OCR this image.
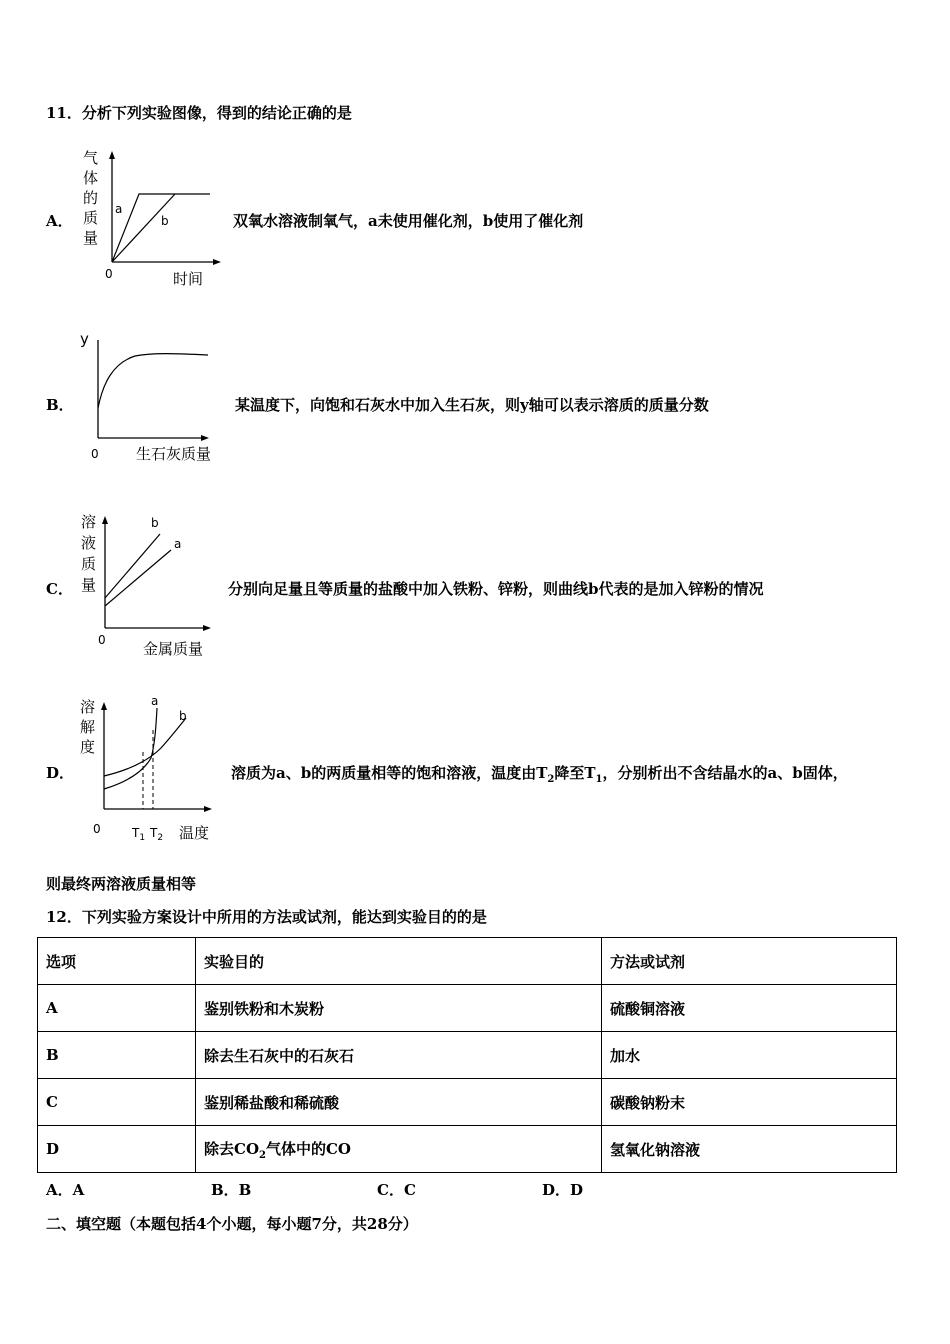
11．分析下列实验图像，得到的结论正确的是
A．
气
体
的
质
量
a
b
0	时间
双氧水溶液制氧气，a未使用催化剂，b使用了催化剂
B．
y
0 生石灰质量
某温度下，向饱和石灰水中加入生石灰，则y轴可以表示溶质的质量分数
C．
溶
液
质
量
b
a
0 金属质量
分别向足量且等质量的盐酸中加入铁粉、锌粉，则曲线b代表的是加入锌粉的情况
D．
溶
解
度
a
b
0	$T_1$ $T_2$ 温度
溶质为a、b的两质量相等的饱和溶液，温度由$T_2$降至$T_1$，分别析出不含结晶水的a、b固体，
则最终两溶液质量相等
12．下列实验方案设计中所用的方法或试剂，能达到实验目的的是
选项	实验目的	方法或试剂
A	鉴别铁粉和木炭粉	硫酸铜溶液
B	除去生石灰中的石灰石	加水
C	鉴别稀盐酸和稀硫酸	碳酸钠粉末
D	除去$CO_2$气体中的CO	氢氧化钠溶液
A．A	B．B	C．C	D．D
二、填空题（本题包括4个小题，每小题7分，共28分）
